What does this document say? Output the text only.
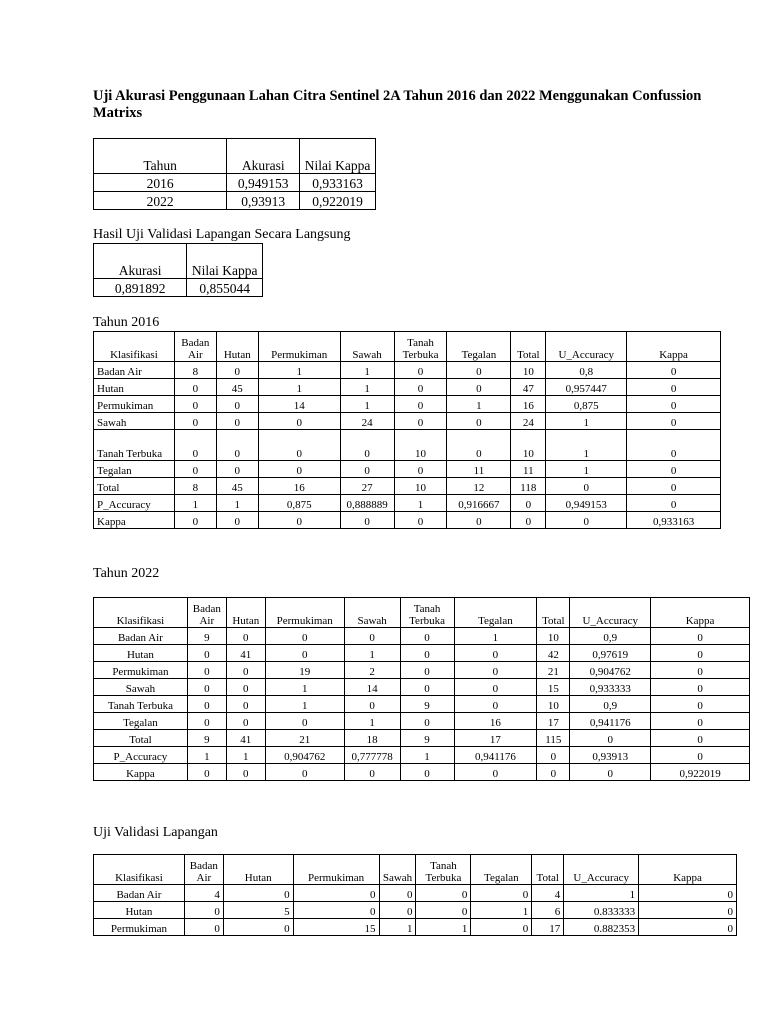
Uji Akurasi Penggunaan Lahan Citra Sentinel 2A Tahun 2016 dan 2022 Menggunakan Confussion Matrixs
Tahun	Akurasi	Nilai Kappa
2016	0,949153	0,933163
2022	0,93913	0,922019
Hasil Uji Validasi Lapangan Secara Langsung
Akurasi	Nilai Kappa
0,891892	0,855044
Tahun 2016
Klasifikasi	Badan Air	Hutan	Permukiman	Sawah	Tanah Terbuka	Tegalan	Total	U_Accuracy	Kappa
Badan Air	8	0	1	1	0	0	10	0,8	0
Hutan	0	45	1	1	0	0	47	0,957447	0
Permukiman	0	0	14	1	0	1	16	0,875	0
Sawah	0	0	0	24	0	0	24	1	0
Tanah Terbuka	0	0	0	0	10	0	10	1	0
Tegalan	0	0	0	0	0	11	11	1	0
Total	8	45	16	27	10	12	118	0	0
P_Accuracy	1	1	0,875	0,888889	1	0,916667	0	0,949153	0
Kappa	0	0	0	0	0	0	0	0	0,933163
Tahun 2022
Klasifikasi	Badan Air	Hutan	Permukiman	Sawah	Tanah Terbuka	Tegalan	Total	U_Accuracy	Kappa
Badan Air	9	0	0	0	0	1	10	0,9	0
Hutan	0	41	0	1	0	0	42	0,97619	0
Permukiman	0	0	19	2	0	0	21	0,904762	0
Sawah	0	0	1	14	0	0	15	0,933333	0
Tanah Terbuka	0	0	1	0	9	0	10	0,9	0
Tegalan	0	0	0	1	0	16	17	0,941176	0
Total	9	41	21	18	9	17	115	0	0
P_Accuracy	1	1	0,904762	0,777778	1	0,941176	0	0,93913	0
Kappa	0	0	0	0	0	0	0	0	0,922019
Uji Validasi Lapangan
Klasifikasi	Badan Air	Hutan	Permukiman	Sawah	Tanah Terbuka	Tegalan	Total	U_Accuracy	Kappa
Badan Air	4	0	0	0	0	0	4	1	0
Hutan	0	5	0	0	0	1	6	0.833333	0
Permukiman	0	0	15	1	1	0	17	0.882353	0
